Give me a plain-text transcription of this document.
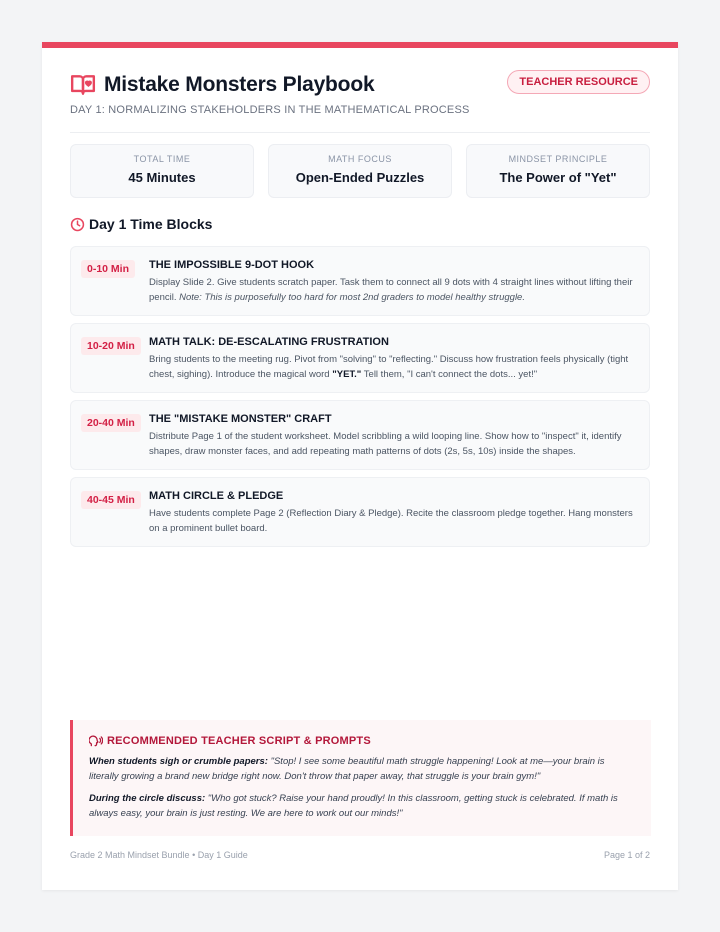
Mistake Monsters Playbook
DAY 1: NORMALIZING STAKEHOLDERS IN THE MATHEMATICAL PROCESS
TEACHER RESOURCE
TOTAL TIME
45 Minutes
MATH FOCUS
Open-Ended Puzzles
MINDSET PRINCIPLE
The Power of "Yet"
Day 1 Time Blocks
0-10 Min	THE IMPOSSIBLE 9-DOT HOOK
Display Slide 2. Give students scratch paper. Task them to connect all 9 dots with 4 straight lines without lifting their pencil. Note: This is purposefully too hard for most 2nd graders to model healthy struggle.
10-20 Min	MATH TALK: DE-ESCALATING FRUSTRATION
Bring students to the meeting rug. Pivot from "solving" to "reflecting." Discuss how frustration feels physically (tight chest, sighing). Introduce the magical word "YET." Tell them, "I can't connect the dots... yet!"
20-40 Min	THE "MISTAKE MONSTER" CRAFT
Distribute Page 1 of the student worksheet. Model scribbling a wild looping line. Show how to "inspect" it, identify shapes, draw monster faces, and add repeating math patterns of dots (2s, 5s, 10s) inside the shapes.
40-45 Min	MATH CIRCLE & PLEDGE
Have students complete Page 2 (Reflection Diary & Pledge). Recite the classroom pledge together. Hang monsters on a prominent bullet board.
RECOMMENDED TEACHER SCRIPT & PROMPTS
When students sigh or crumble papers: "Stop! I see some beautiful math struggle happening! Look at me—your brain is literally growing a brand new bridge right now. Don't throw that paper away, that struggle is your brain gym!"
During the circle discuss: "Who got stuck? Raise your hand proudly! In this classroom, getting stuck is celebrated. If math is always easy, your brain is just resting. We are here to work out our minds!"
Grade 2 Math Mindset Bundle • Day 1 Guide	Page 1 of 2
